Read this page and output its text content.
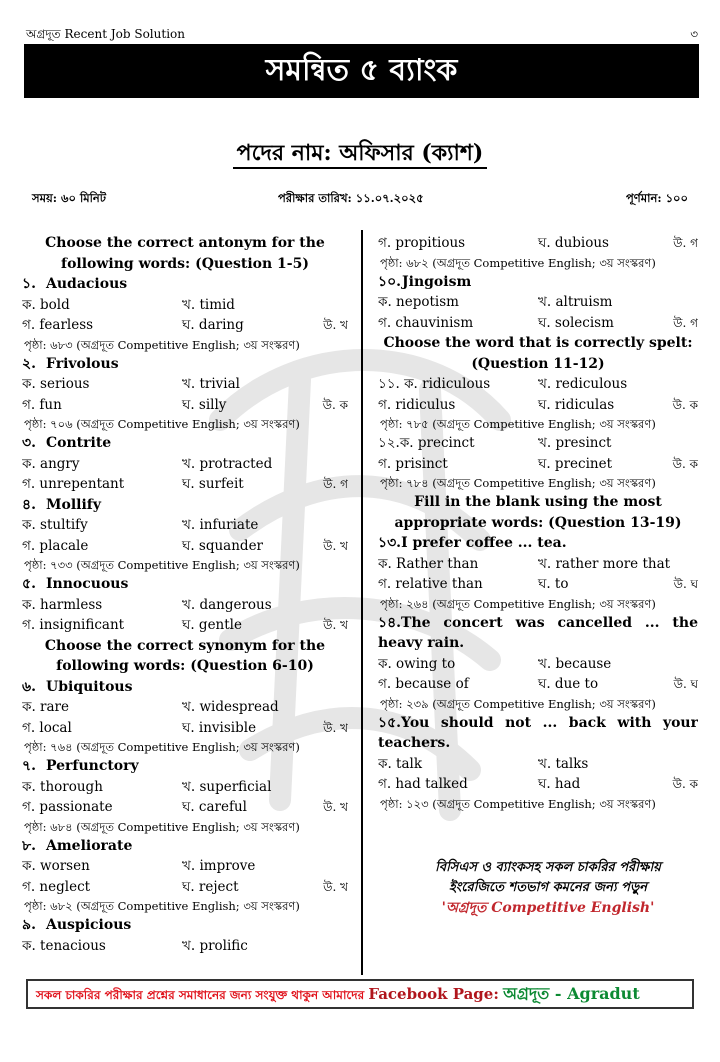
অগ্রদূত Recent Job Solution	৩
সমন্বিত ৫ ব্যাংক
পদের নাম: অফিসার (ক্যাশ)
সময়: ৬০ মিনিট	পরীক্ষার তারিখ: ১১.০৭.২০২৫	পূর্ণমান: ১০০
Choose the correct antonym for the following words: (Question 1-5)
১. Audacious
ক. bold	খ. timid
গ. fearless	ঘ. daring	উ. খ
পৃষ্ঠা: ৬৮৩ (অগ্রদূত Competitive English; ৩য় সংস্করণ)
২. Frivolous
ক. serious	খ. trivial
গ. fun	ঘ. silly	উ. ক
পৃষ্ঠা: ৭০৬ (অগ্রদূত Competitive English; ৩য় সংস্করণ)
৩. Contrite
ক. angry	খ. protracted
গ. unrepentant	ঘ. surfeit	উ. গ
৪. Mollify
ক. stultify	খ. infuriate
গ. placale	ঘ. squander	উ. খ
পৃষ্ঠা: ৭৩৩ (অগ্রদূত Competitive English; ৩য় সংস্করণ)
৫. Innocuous
ক. harmless	খ. dangerous
গ. insignificant	ঘ. gentle	উ. খ
Choose the correct synonym for the following words: (Question 6-10)
৬. Ubiquitous
ক. rare	খ. widespread
গ. local	ঘ. invisible	উ. খ
পৃষ্ঠা: ৭৬৪ (অগ্রদূত Competitive English; ৩য় সংস্করণ)
৭. Perfunctory
ক. thorough	খ. superficial
গ. passionate	ঘ. careful	উ. খ
পৃষ্ঠা: ৬৮৪ (অগ্রদূত Competitive English; ৩য় সংস্করণ)
৮. Ameliorate
ক. worsen	খ. improve
গ. neglect	ঘ. reject	উ. খ
পৃষ্ঠা: ৬৮২ (অগ্রদূত Competitive English; ৩য় সংস্করণ)
৯. Auspicious
ক. tenacious	খ. prolific
গ. propitious	ঘ. dubious	উ. গ
পৃষ্ঠা: ৬৮২ (অগ্রদূত Competitive English; ৩য় সংস্করণ)
১০.Jingoism
ক. nepotism	খ. altruism
গ. chauvinism	ঘ. solecism	উ. গ
Choose the word that is correctly spelt: (Question 11-12)
১১. ক. ridiculous	খ. rediculous
গ. ridiculus	ঘ. ridiculas	উ. ক
পৃষ্ঠা: ৭৮৫ (অগ্রদূত Competitive English; ৩য় সংস্করণ)
১২.ক. precinct	খ. presinct
গ. prisinct	ঘ. precinet	উ. ক
পৃষ্ঠা: ৭৮৪ (অগ্রদূত Competitive English; ৩য় সংস্করণ)
Fill in the blank using the most appropriate words: (Question 13-19)
১৩.I prefer coffee ... tea.
ক. Rather than	খ. rather more that
গ. relative than	ঘ. to	উ. ঘ
পৃষ্ঠা: ২৬৪ (অগ্রদূত Competitive English; ৩য় সংস্করণ)
১৪.The concert was cancelled ... the heavy rain.
ক. owing to	খ. because
গ. because of	ঘ. due to	উ. ঘ
পৃষ্ঠা: ২৩৯ (অগ্রদূত Competitive English; ৩য় সংস্করণ)
১৫.You should not ... back with your teachers.
ক. talk	খ. talks
গ. had talked	ঘ. had	উ. ক
পৃষ্ঠা: ১২৩ (অগ্রদূত Competitive English; ৩য় সংস্করণ)
বিসিএস ও ব্যাংকসহ সকল চাকরির পরীক্ষায়
ইংরেজিতে শতভাগ কমনের জন্য পড়ুন
'অগ্রদূত Competitive English'
সকল চাকরির পরীক্ষার প্রশ্নের সমাধানের জন্য সংযুক্ত থাকুন আমাদের Facebook Page: অগ্রদূত - Agradut
